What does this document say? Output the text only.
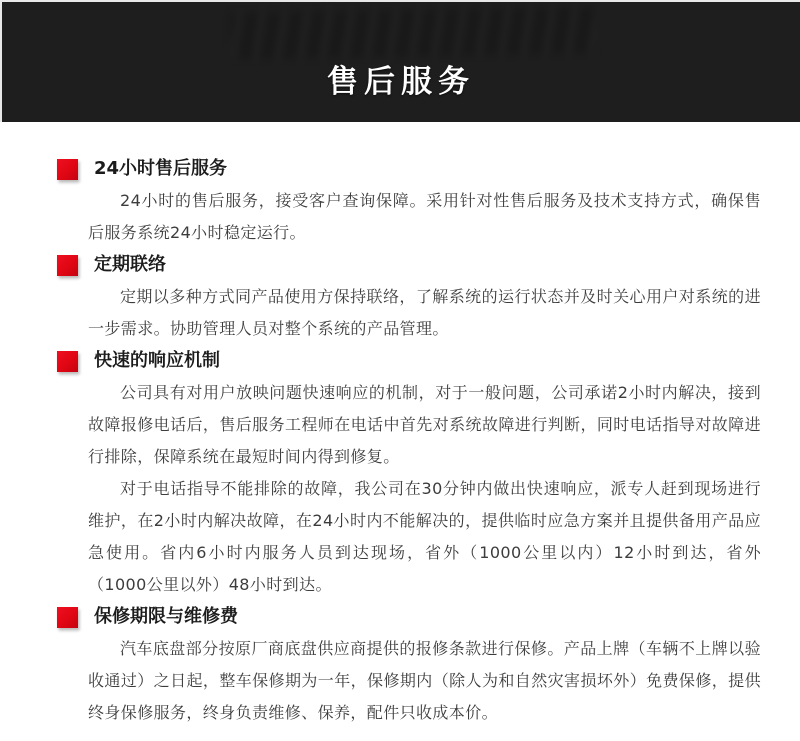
售后服务
24小时售后服务

24小时的售后服务，接受客户查询保障。采用针对性售后服务及技术支持方式，确保售后服务系统24小时稳定运行。

定期联络

定期以多种方式同产品使用方保持联络，了解系统的运行状态并及时关心用户对系统的进一步需求。协助管理人员对整个系统的产品管理。

快速的响应机制

公司具有对用户放映问题快速响应的机制，对于一般问题，公司承诺2小时内解决，接到故障报修电话后，售后服务工程师在电话中首先对系统故障进行判断，同时电话指导对故障进行排除，保障系统在最短时间内得到修复。

对于电话指导不能排除的故障，我公司在30分钟内做出快速响应，派专人赶到现场进行维护，在2小时内解决故障，在24小时内不能解决的，提供临时应急方案并且提供备用产品应急使用。省内6小时内服务人员到达现场，省外（1000公里以内）12小时到达，省外（1000公里以外）48小时到达。

保修期限与维修费

汽车底盘部分按原厂商底盘供应商提供的报修条款进行保修。产品上牌（车辆不上牌以验收通过）之日起，整车保修期为一年，保修期内（除人为和自然灾害损坏外）免费保修，提供终身保修服务，终身负责维修、保养，配件只收成本价。
